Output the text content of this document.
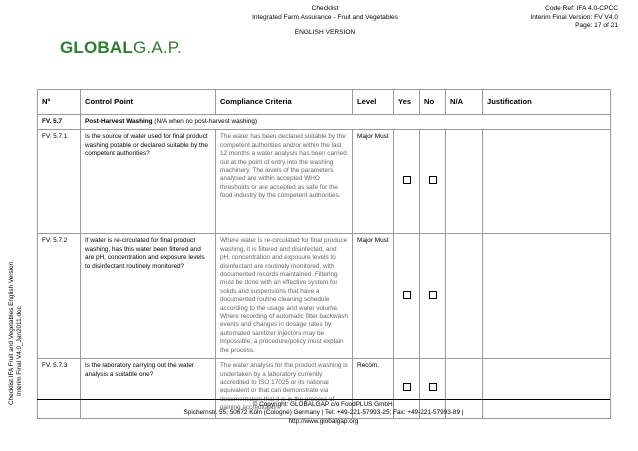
GLOBALG.A.P.
Checklist
Integrated Farm Assurance - Fruit and Vegetables
ENGLISH VERSION
Code Ref: IFA 4.0-CPCC
Interim Final Version: FV V4.0
Page: 17 of 21
Checklist IFA Fruit and Vegetables English Version Interim Final V4.0_Jan2011.doc
Nº	Control Point	Compliance Criteria	Level	Yes	No	N/A	Justification
FV. 5.7	Post-Harvest Washing (N/A when no post-harvest washing)						
FV. 5.7.1	Is the source of water used for final product washing potable or declared suitable by the competent authorities?	The water has been declared suitable by the competent authorities and/or within the last 12 months a water analysis has been carried out at the point of entry into the washing machinery. The levels of the parameters analysed are within accepted WHO thresholds or are accepted as safe for the food industry by the competent authorities.	Major Must				
FV. 5.7.2	If water is re-circulated for final product washing, has this water been filtered and are pH, concentration and exposure levels to disinfectant routinely monitored?	Where water is re-circulated for final produce washing, it is filtered and disinfected, and pH, concentration and exposure levels to disinfectant are routinely monitored, with documented records maintained. Filtering must be done with an effective system for solids and suspensions that have a documented routine cleaning schedule according to the usage and water volume. Where recording of automatic filter backwash events and changes in dosage rates by automated sanitizer injectors may be impossible, a procedure/policy must explain the process.	Major Must				
FV. 5.7.3	Is the laboratory carrying out the water analysis a suitable one?	The water analysis for the product washing is undertaken by a laboratory currently accredited to ISO 17025 or its national equivalent or that can demonstrate via documentation that it is in the process of gaining accreditation.	Recom.				
© Copyright: GLOBALGAP c/o FoodPLUS GmbH,
Spichernstr. 55, 50672 Köln (Cologne) Germany | Tel: +49-221-57993-25; Fax: +49-221-57993-89 |
http://www.globalgap.org
